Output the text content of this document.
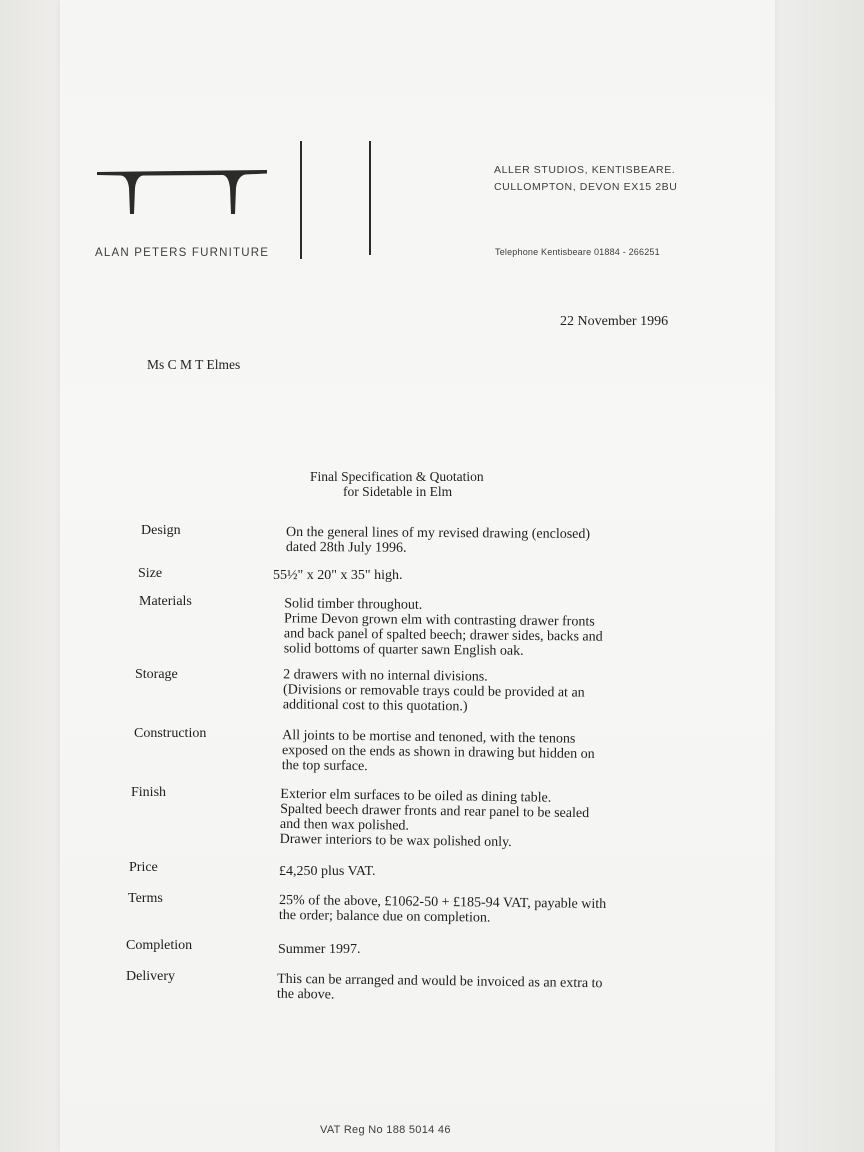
ALAN PETERS FURNITURE
ALLER STUDIOS, KENTISBEARE.
CULLOMPTON, DEVON EX15 2BU
Telephone Kentisbeare 01884 - 266251
22 November 1996
Ms C M T Elmes
Final Specification & Quotation
for Sidetable in Elm
Design	On the general lines of my revised drawing (enclosed)
dated 28th July 1996.
Size	55½" x 20" x 35" high.
Materials	Solid timber throughout.
Prime Devon grown elm with contrasting drawer fronts
and back panel of spalted beech; drawer sides, backs and
solid bottoms of quarter sawn English oak.
Storage	2 drawers with no internal divisions.
(Divisions or removable trays could be provided at an
additional cost to this quotation.)
Construction	All joints to be mortise and tenoned, with the tenons
exposed on the ends as shown in drawing but hidden on
the top surface.
Finish	Exterior elm surfaces to be oiled as dining table.
Spalted beech drawer fronts and rear panel to be sealed
and then wax polished.
Drawer interiors to be wax polished only.
Price	£4,250 plus VAT.
Terms	25% of the above, £1062-50 + £185-94 VAT, payable with
the order; balance due on completion.
Completion	Summer 1997.
Delivery	This can be arranged and would be invoiced as an extra to
the above.
VAT Reg No 188 5014 46
